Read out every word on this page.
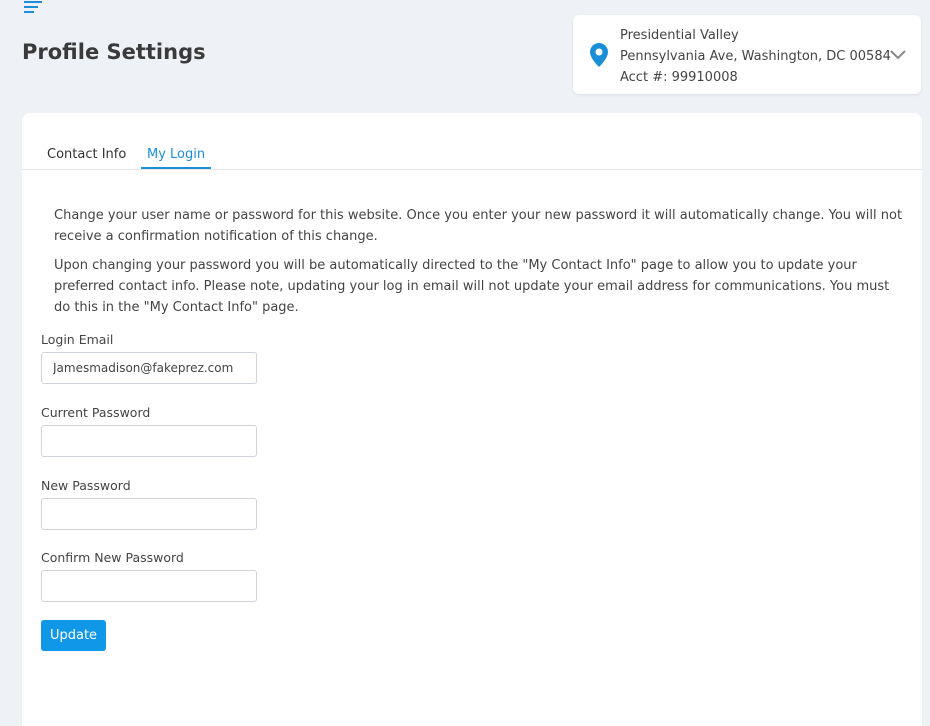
Profile Settings
Presidential Valley
Pennsylvania Ave, Washington, DC 00584
Acct #: 99910008
Contact Info	My Login

Change your user name or password for this website. Once you enter your new password it will automatically change. You will not receive a confirmation notification of this change.

Upon changing your password you will be automatically directed to the "My Contact Info" page to allow you to update your preferred contact info. Please note, updating your log in email will not update your email address for communications. You must do this in the "My Contact Info" page.

Login Email
Jamesmadison@fakeprez.com
Current Password
New Password
Confirm New Password
Update
